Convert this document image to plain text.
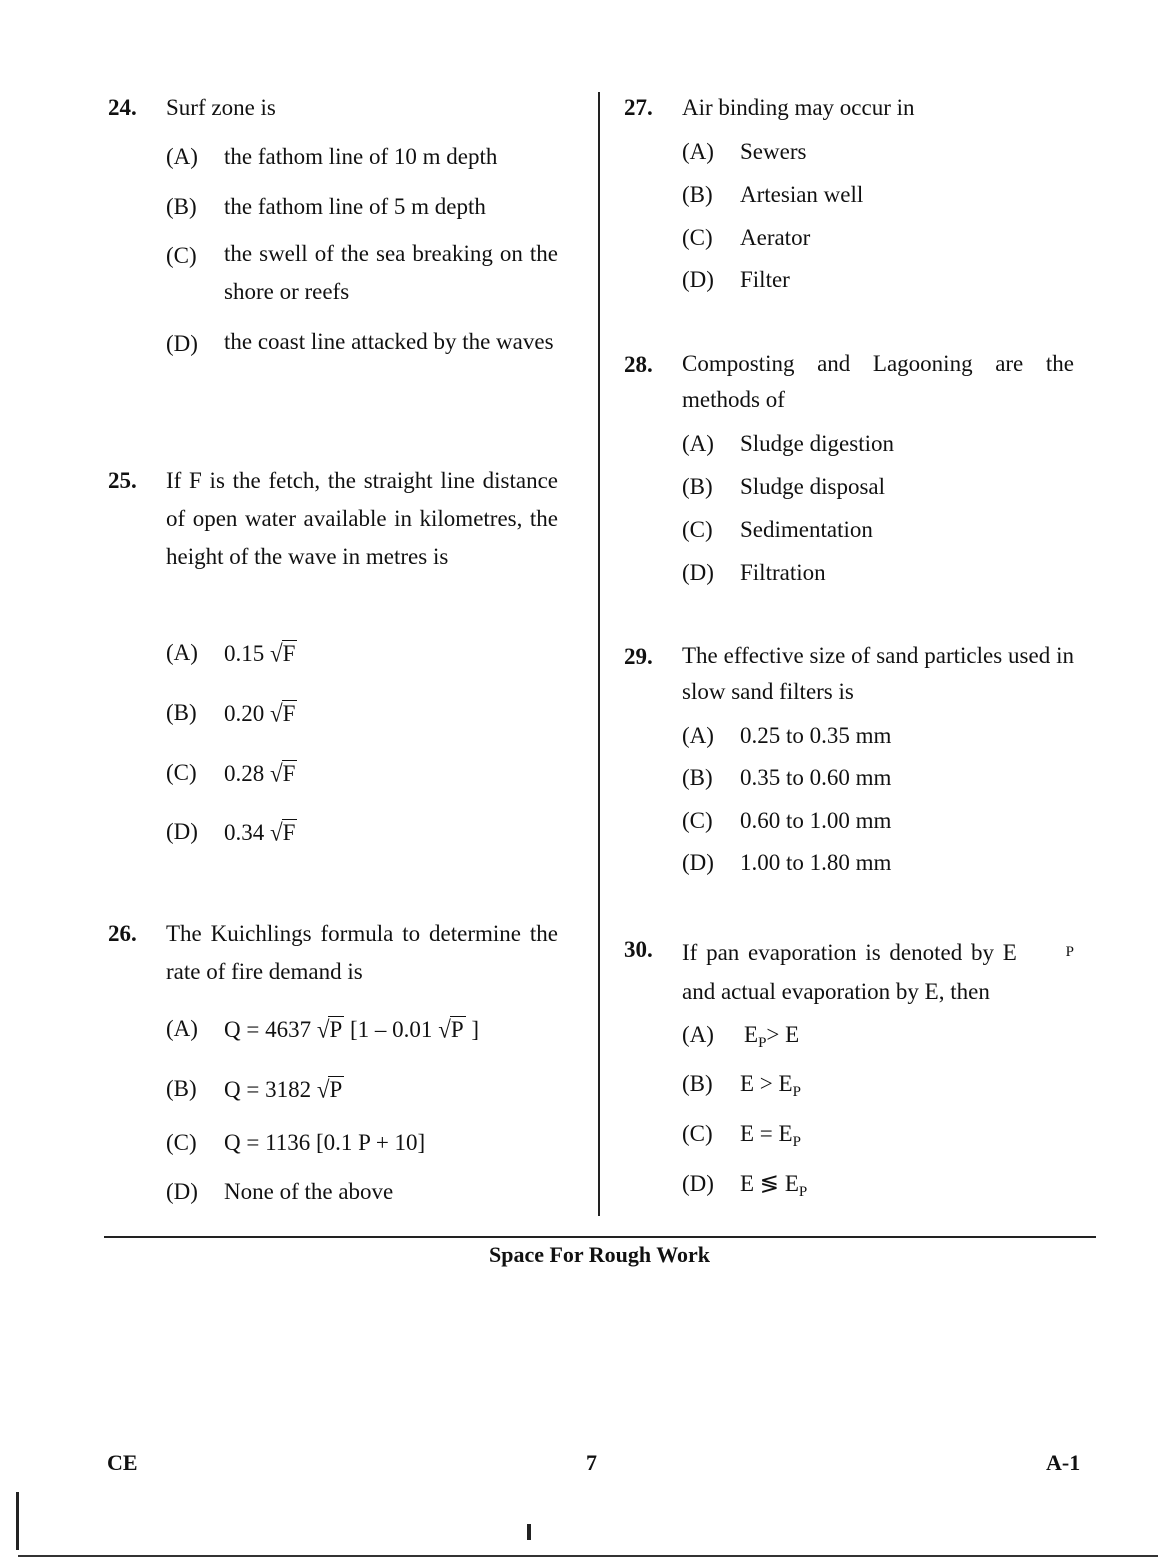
24. Surf zone is
(A) the fathom line of 10 m depth
(B) the fathom line of 5 m depth
(C) the swell of the sea breaking on the shore or reefs
(D) the coast line attacked by the waves
25. If F is the fetch, the straight line distance of open water available in kilometres, the height of the wave in metres is
(A) 0.15 √F
(B) 0.20 √F
(C) 0.28 √F
(D) 0.34 √F
26. The Kuichlings formula to determine the rate of fire demand is
(A) Q = 4637 √P [1 – 0.01 √P ]
(B) Q = 3182 √P
(C) Q = 1136 [0.1 P + 10]
(D) None of the above
27. Air binding may occur in
(A) Sewers
(B) Artesian well
(C) Aerator
(D) Filter
28. Composting and Lagooning are the methods of
(A) Sludge digestion
(B) Sludge disposal
(C) Sedimentation
(D) Filtration
29. The effective size of sand particles used in slow sand filters is
(A) 0.25 to 0.35 mm
(B) 0.35 to 0.60 mm
(C) 0.60 to 1.00 mm
(D) 1.00 to 1.80 mm
30. If pan evaporation is denoted by E	P
and actual evaporation by E, then
(A) $E_P> E$
(B) $E > E_P$
(C) $E = E_P$
(D) E ≶ $E_P$
Space For Rough Work
CE	7	A-1
